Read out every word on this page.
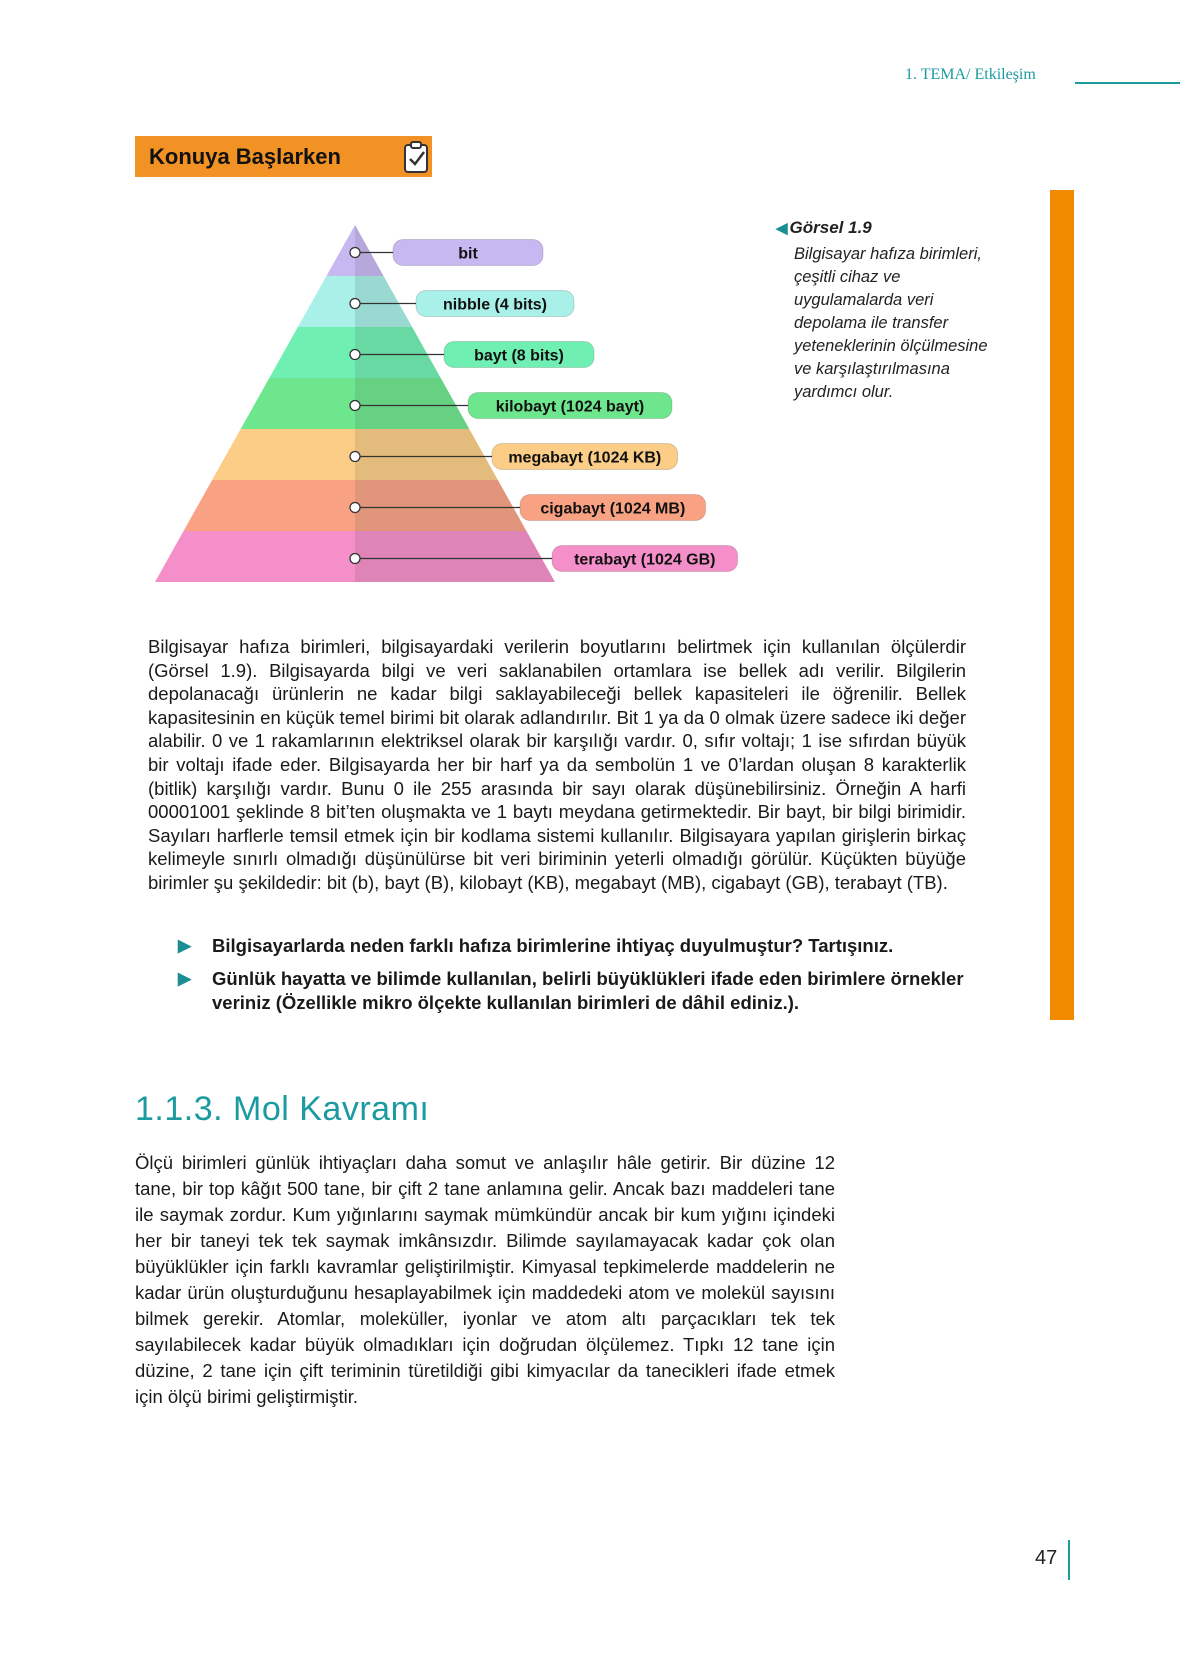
1. TEMA/ Etkileşim
Konuya Başlarken
bit
nibble (4 bits)
bayt (8 bits)
kilobayt (1024 bayt)
megabayt (1024 KB)
cigabayt (1024 MB)
terabayt (1024 GB)
◀ Görsel 1.9
Bilgisayar hafıza birimleri, çeşitli cihaz ve uygulamalarda veri depolama ile transfer yeteneklerinin ölçülmesine ve karşılaştırılmasına yardımcı olur.

Bilgisayar hafıza birimleri, bilgisayardaki verilerin boyutlarını belirtmek için kullanılan ölçülerdir (Görsel 1.9). Bilgisayarda bilgi ve veri saklanabilen ortamlara ise bellek adı verilir. Bilgilerin depolanacağı ürünlerin ne kadar bilgi saklayabileceği bellek kapasiteleri ile öğrenilir. Bellek kapasitesinin en küçük temel birimi bit olarak adlandırılır. Bit 1 ya da 0 olmak üzere sadece iki değer alabilir. 0 ve 1 rakamlarının elektriksel olarak bir karşılığı vardır. 0, sıfır voltajı; 1 ise sıfırdan büyük bir voltajı ifade eder. Bilgisayarda her bir harf ya da sembolün 1 ve 0’lardan oluşan 8 karakterlik (bitlik) karşılığı vardır. Bunu 0 ile 255 arasında bir sayı olarak düşünebilirsiniz. Örneğin A harfi 00001001 şeklinde 8 bit’ten oluşmakta ve 1 baytı meydana getirmektedir. Bir bayt, bir bilgi birimidir. Sayıları harflerle temsil etmek için bir kodlama sistemi kullanılır. Bilgisayara yapılan girişlerin birkaç kelimeyle sınırlı olmadığı düşünülürse bit veri biriminin yeterli olmadığı görülür. Küçükten büyüğe birimler şu şekildedir: bit (b), bayt (B), kilobayt (KB), megabayt (MB), cigabayt (GB), terabayt (TB).

▶ Bilgisayarlarda neden farklı hafıza birimlerine ihtiyaç duyulmuştur? Tartışınız.
▶ Günlük hayatta ve bilimde kullanılan, belirli büyüklükleri ifade eden birimlere örnekler veriniz (Özellikle mikro ölçekte kullanılan birimleri de dâhil ediniz.).
1.1.3. Mol Kavramı

Ölçü birimleri günlük ihtiyaçları daha somut ve anlaşılır hâle getirir. Bir düzine 12 tane, bir top kâğıt 500 tane, bir çift 2 tane anlamına gelir. Ancak bazı maddeleri tane ile saymak zordur. Kum yığınlarını saymak mümkündür ancak bir kum yığını içindeki her bir taneyi tek tek saymak imkânsızdır. Bilimde sayılamayacak kadar çok olan büyüklükler için farklı kavramlar geliştirilmiştir. Kimyasal tepkimelerde maddelerin ne kadar ürün oluşturduğunu hesaplayabilmek için maddedeki atom ve molekül sayısını bilmek gerekir. Atomlar, moleküller, iyonlar ve atom altı parçacıkları tek tek sayılabilecek kadar büyük olmadıkları için doğrudan ölçülemez. Tıpkı 12 tane için düzine, 2 tane için çift teriminin türetildiği gibi kimyacılar da tanecikleri ifade etmek için ölçü birimi geliştirmiştir.

47
